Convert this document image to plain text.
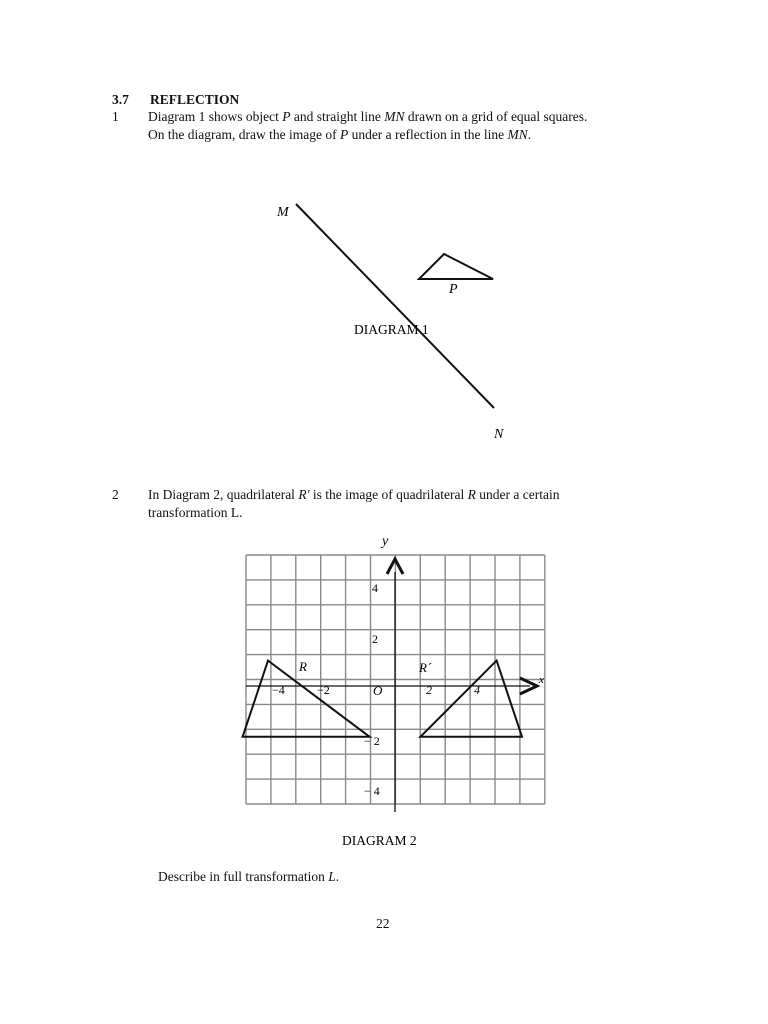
3.7 REFLECTION
1 Diagram 1 shows object P and straight line MN drawn on a grid of equal squares.
On the diagram, draw the image of P under a reflection in the line MN.
M
N
P
DIAGRAM 1
2 In Diagram 2, quadrilateral R' is the image of quadrilateral R under a certain
transformation L.
y
x
O
R	R´
−4	−2	2	4
4
2
− 2
− 4
DIAGRAM 2
Describe in full transformation L.
22
